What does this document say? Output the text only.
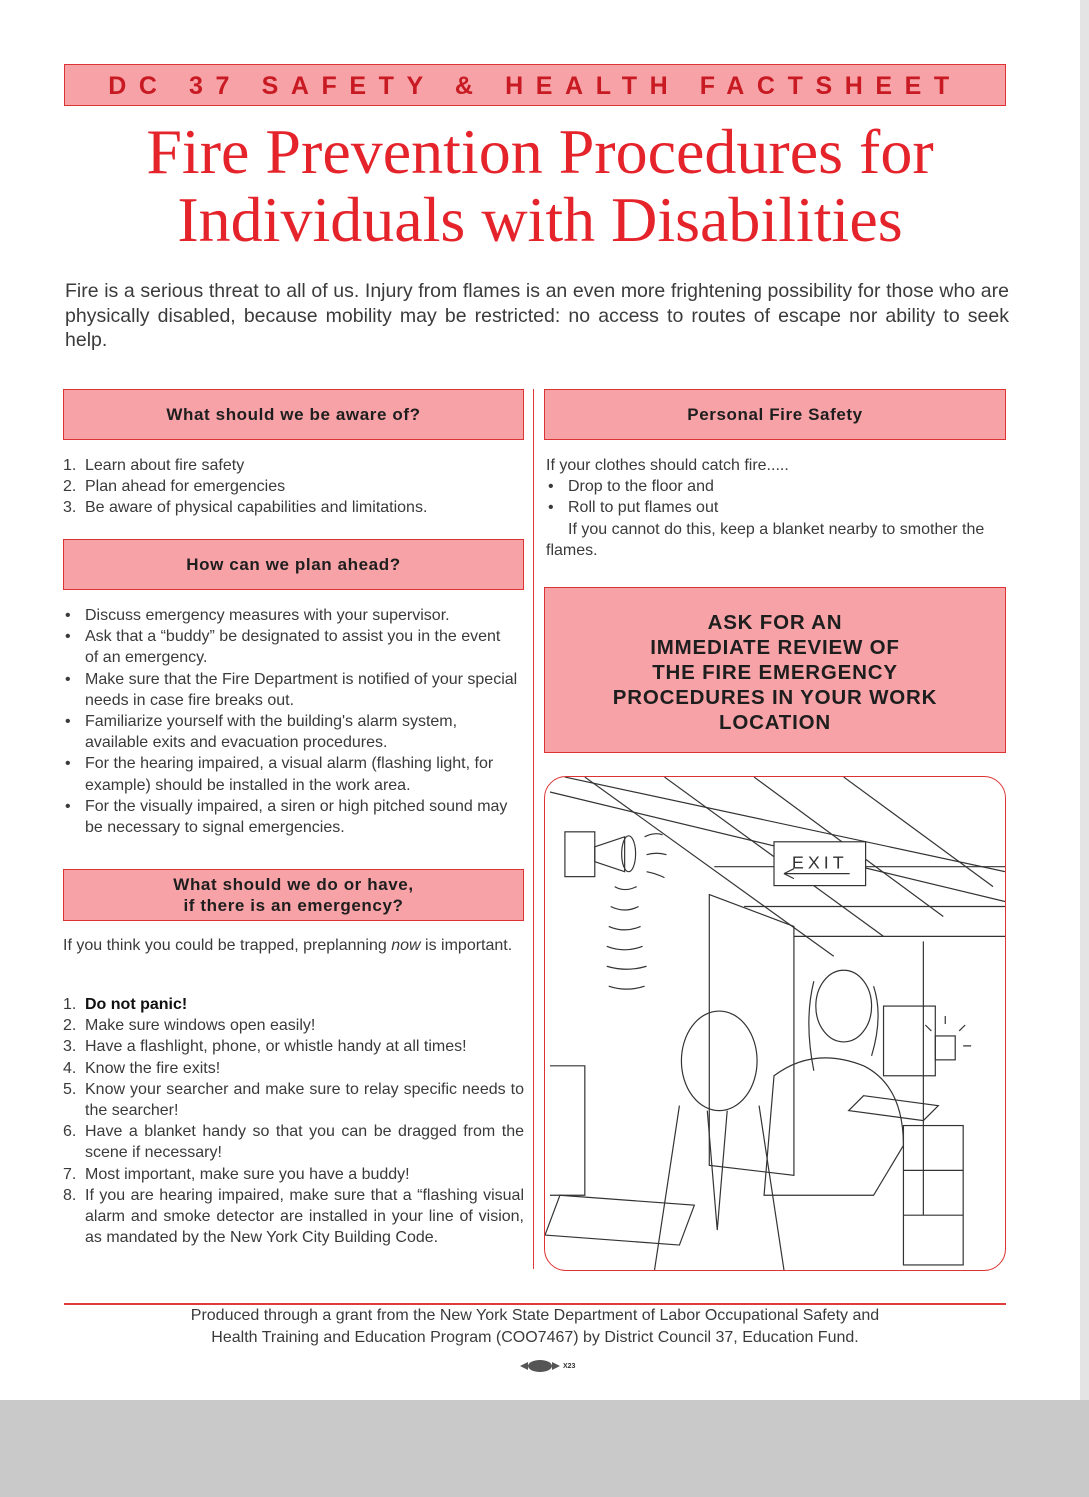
DC 37 SAFETY & HEALTH FACTSHEET
Fire Prevention Procedures for
Individuals with Disabilities
Fire is a serious threat to all of us. Injury from flames is an even more frightening possibility for those who are physically disabled, because mobility may be restricted: no access to routes of escape nor ability to seek help.
What should we be aware of?
1. Learn about fire safety
2. Plan ahead for emergencies
3. Be aware of physical capabilities and limitations.
How can we plan ahead?
• Discuss emergency measures with your supervisor.
• Ask that a “buddy” be designated to assist you in the event of an emergency.
• Make sure that the Fire Department is notified of your special needs in case fire breaks out.
• Familiarize yourself with the building's alarm system, available exits and evacuation procedures.
• For the hearing impaired, a visual alarm (flashing light, for example) should be installed in the work area.
• For the visually impaired, a siren or high pitched sound may be necessary to signal emergencies.
What should we do or have,
if there is an emergency?
If you think you could be trapped, preplanning now is important.
1. Do not panic!
2. Make sure windows open easily!
3. Have a flashlight, phone, or whistle handy at all times!
4. Know the fire exits!
5. Know your searcher and make sure to relay specific needs to the searcher!
6. Have a blanket handy so that you can be dragged from the scene if necessary!
7. Most important, make sure you have a buddy!
8. If you are hearing impaired, make sure that a “flashing visual alarm and smoke detector are installed in your line of vision, as mandated by the New York City Building Code.
Personal Fire Safety
If your clothes should catch fire.....
• Drop to the floor and
• Roll to put flames out
If you cannot do this, keep a blanket nearby to smother the flames.
ASK FOR AN
IMMEDIATE REVIEW OF
THE FIRE EMERGENCY
PROCEDURES IN YOUR WORK
LOCATION
EXIT
Produced through a grant from the New York State Department of Labor Occupational Safety and
Health Training and Education Program (COO7467) by District Council 37, Education Fund.
X23
